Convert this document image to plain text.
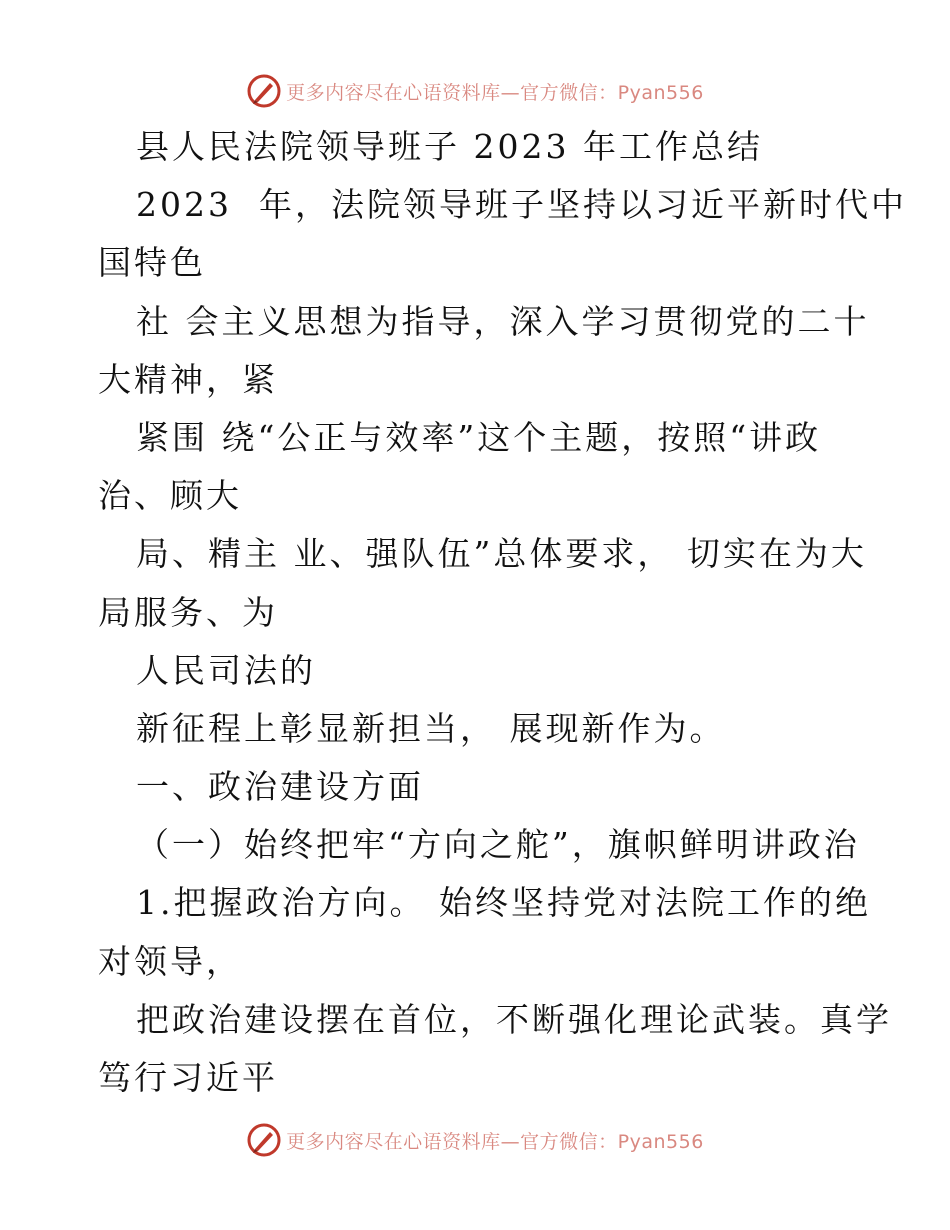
更多内容尽在心语资料库—官方微信：Pyan556
县人民法院领导班子 2023 年工作总结
2023  年，法院领导班子坚持以习近平新时代中
国特色
社 会主义思想为指导，深入学习贯彻党的二十
大精神，紧
紧围 绕“公正与效率”这个主题，按照“讲政
治、顾大
局、精主 业、强队伍”总体要求， 切实在为大
局服务、为
人民司法的
新征程上彰显新担当， 展现新作为。
一、政治建设方面
（一）始终把牢“方向之舵”，旗帜鲜明讲政治
1.把握政治方向。 始终坚持党对法院工作的绝
对领导，
把政治建设摆在首位，不断强化理论武装。真学
笃行习近平
更多内容尽在心语资料库—官方微信：Pyan556
